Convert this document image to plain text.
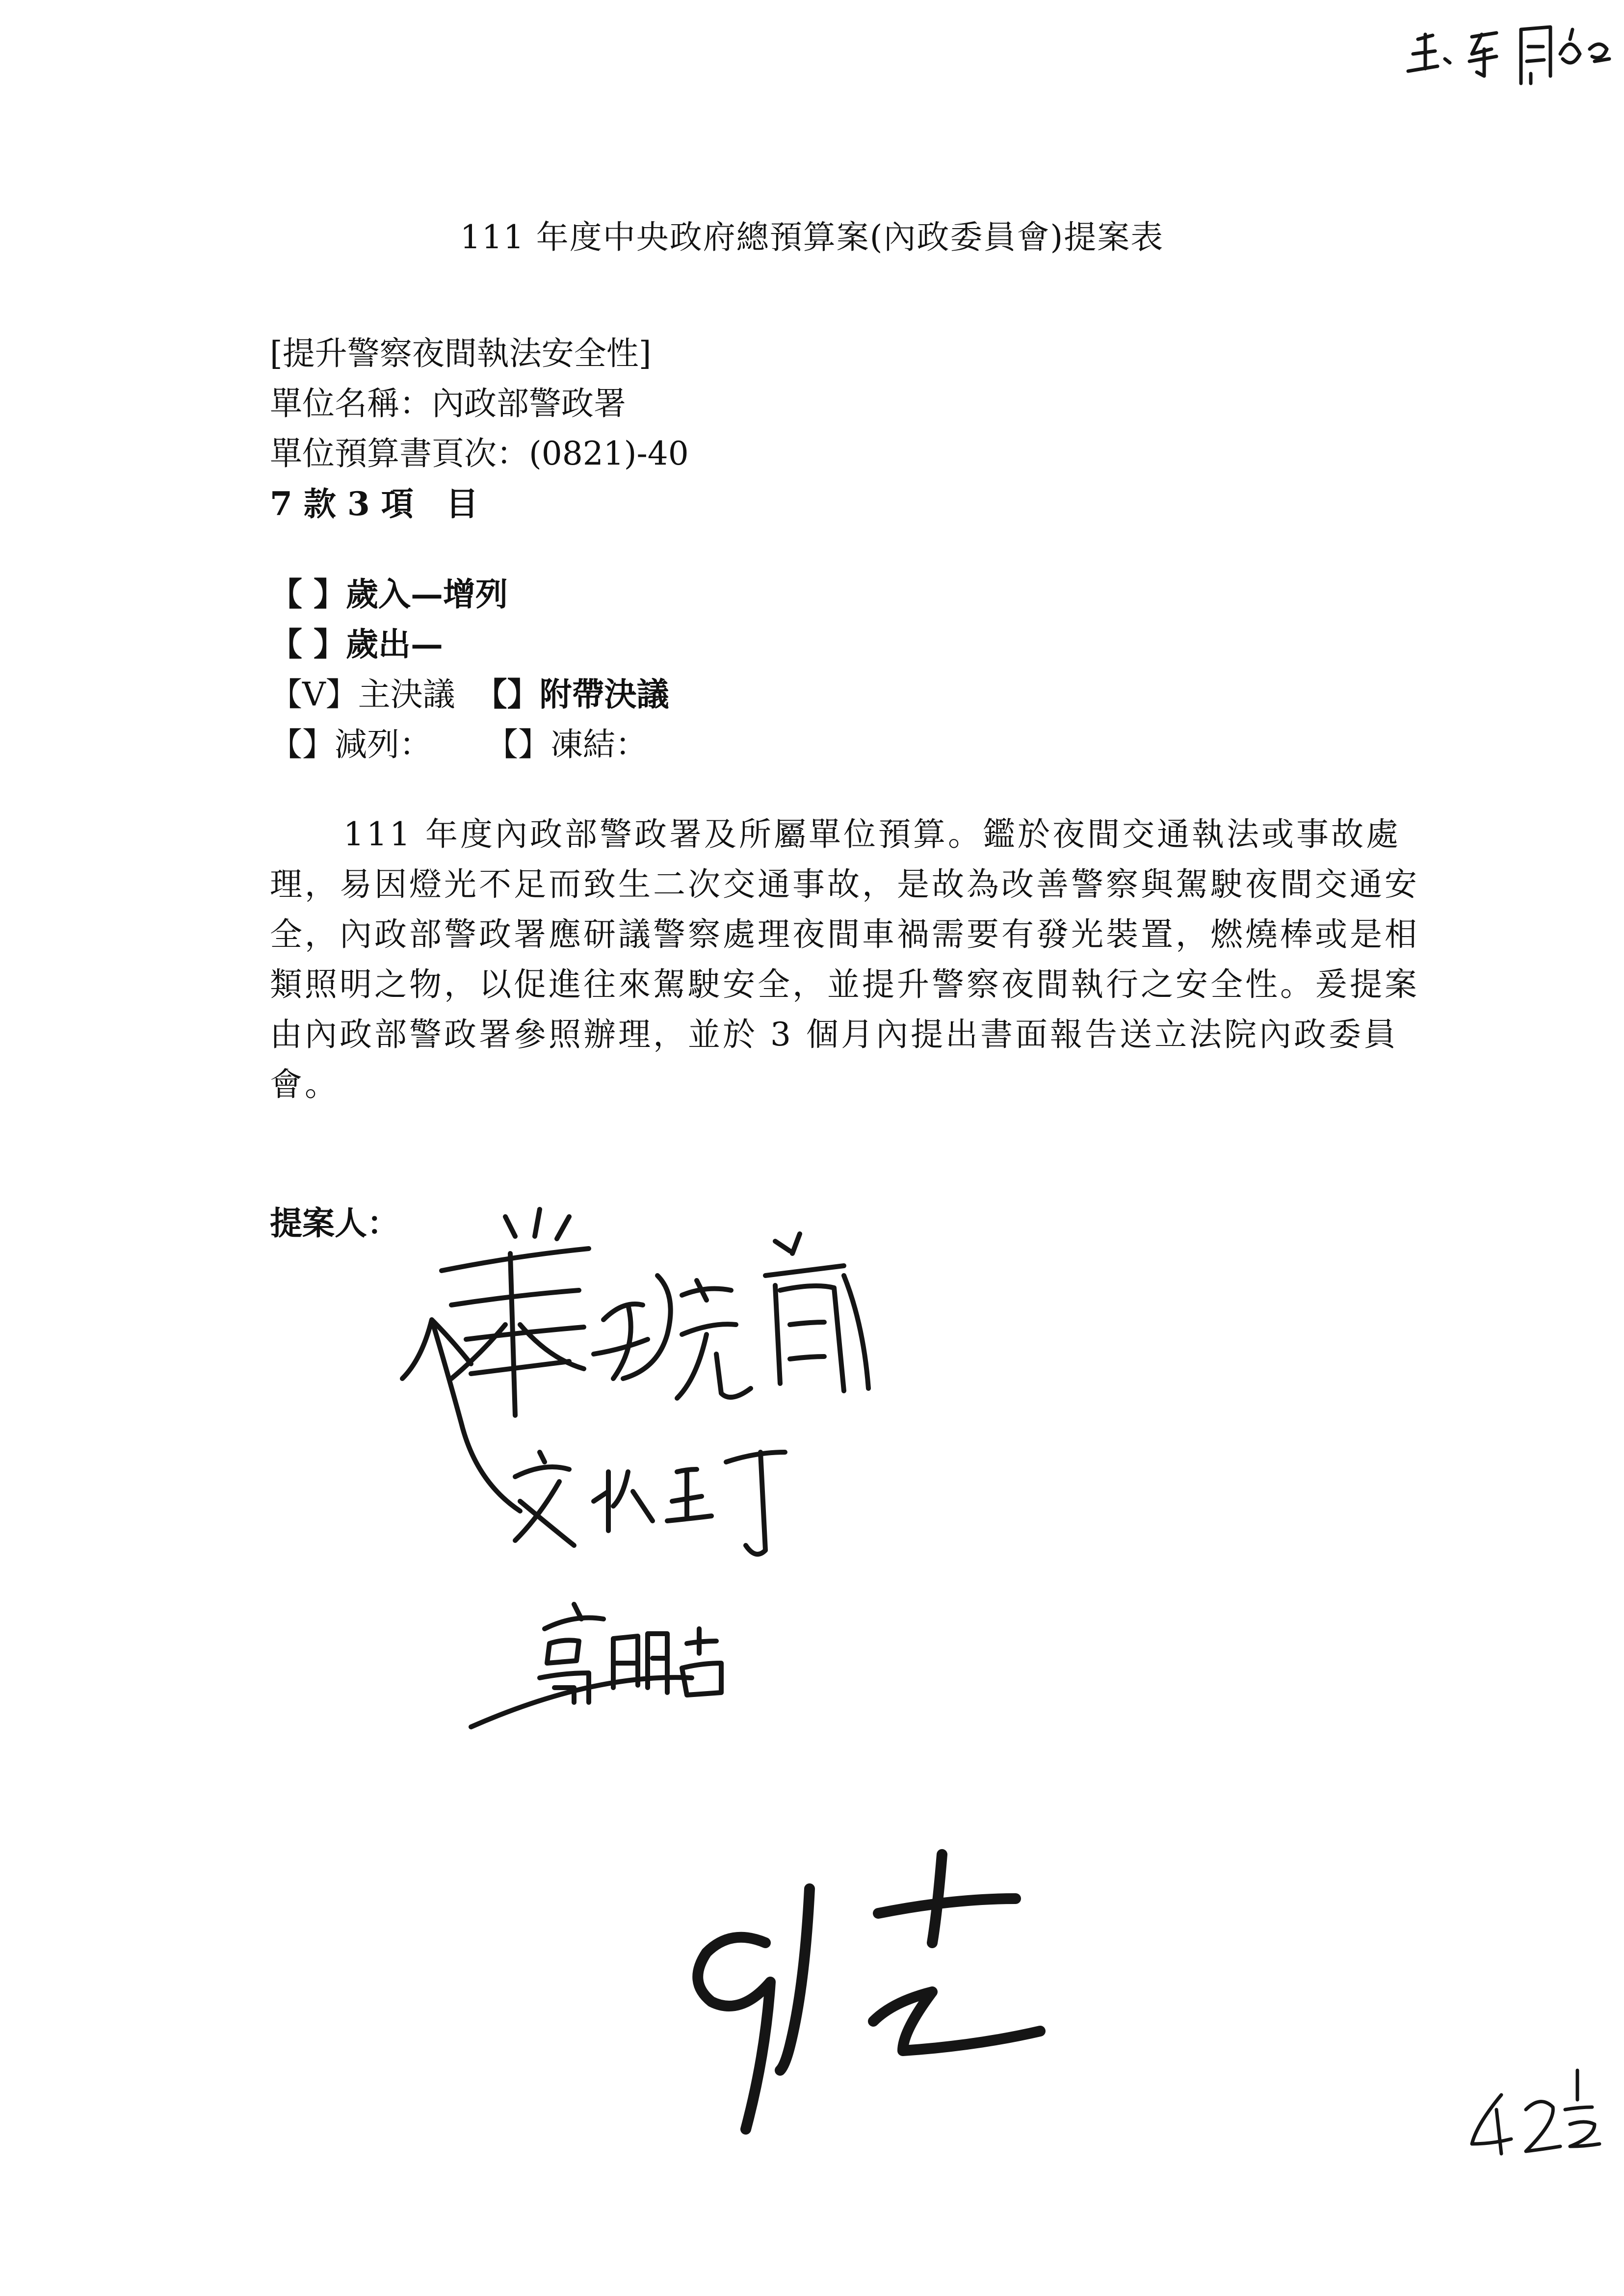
111 年度中央政府總預算案(內政委員會)提案表
[提升警察夜間執法安全性]
單位名稱：內政部警政署
單位預算書頁次：(0821)-40
7 款 3 項　目
【 】歲入—增列
【 】歲出—
【V】主決議 【】附帶決議
【】減列： 【】凍結：

111 年度內政部警政署及所屬單位預算。鑑於夜間交通執法或事故處理，易因燈光不足而致生二次交通事故，是故為改善警察與駕駛夜間交通安全，內政部警政署應研議警察處理夜間車禍需要有發光裝置，燃燒棒或是相類照明之物，以促進往來駕駛安全，並提升警察夜間執行之安全性。爰提案由內政部警政署參照辦理，並於 3 個月內提出書面報告送立法院內政委員會。

提案人：
